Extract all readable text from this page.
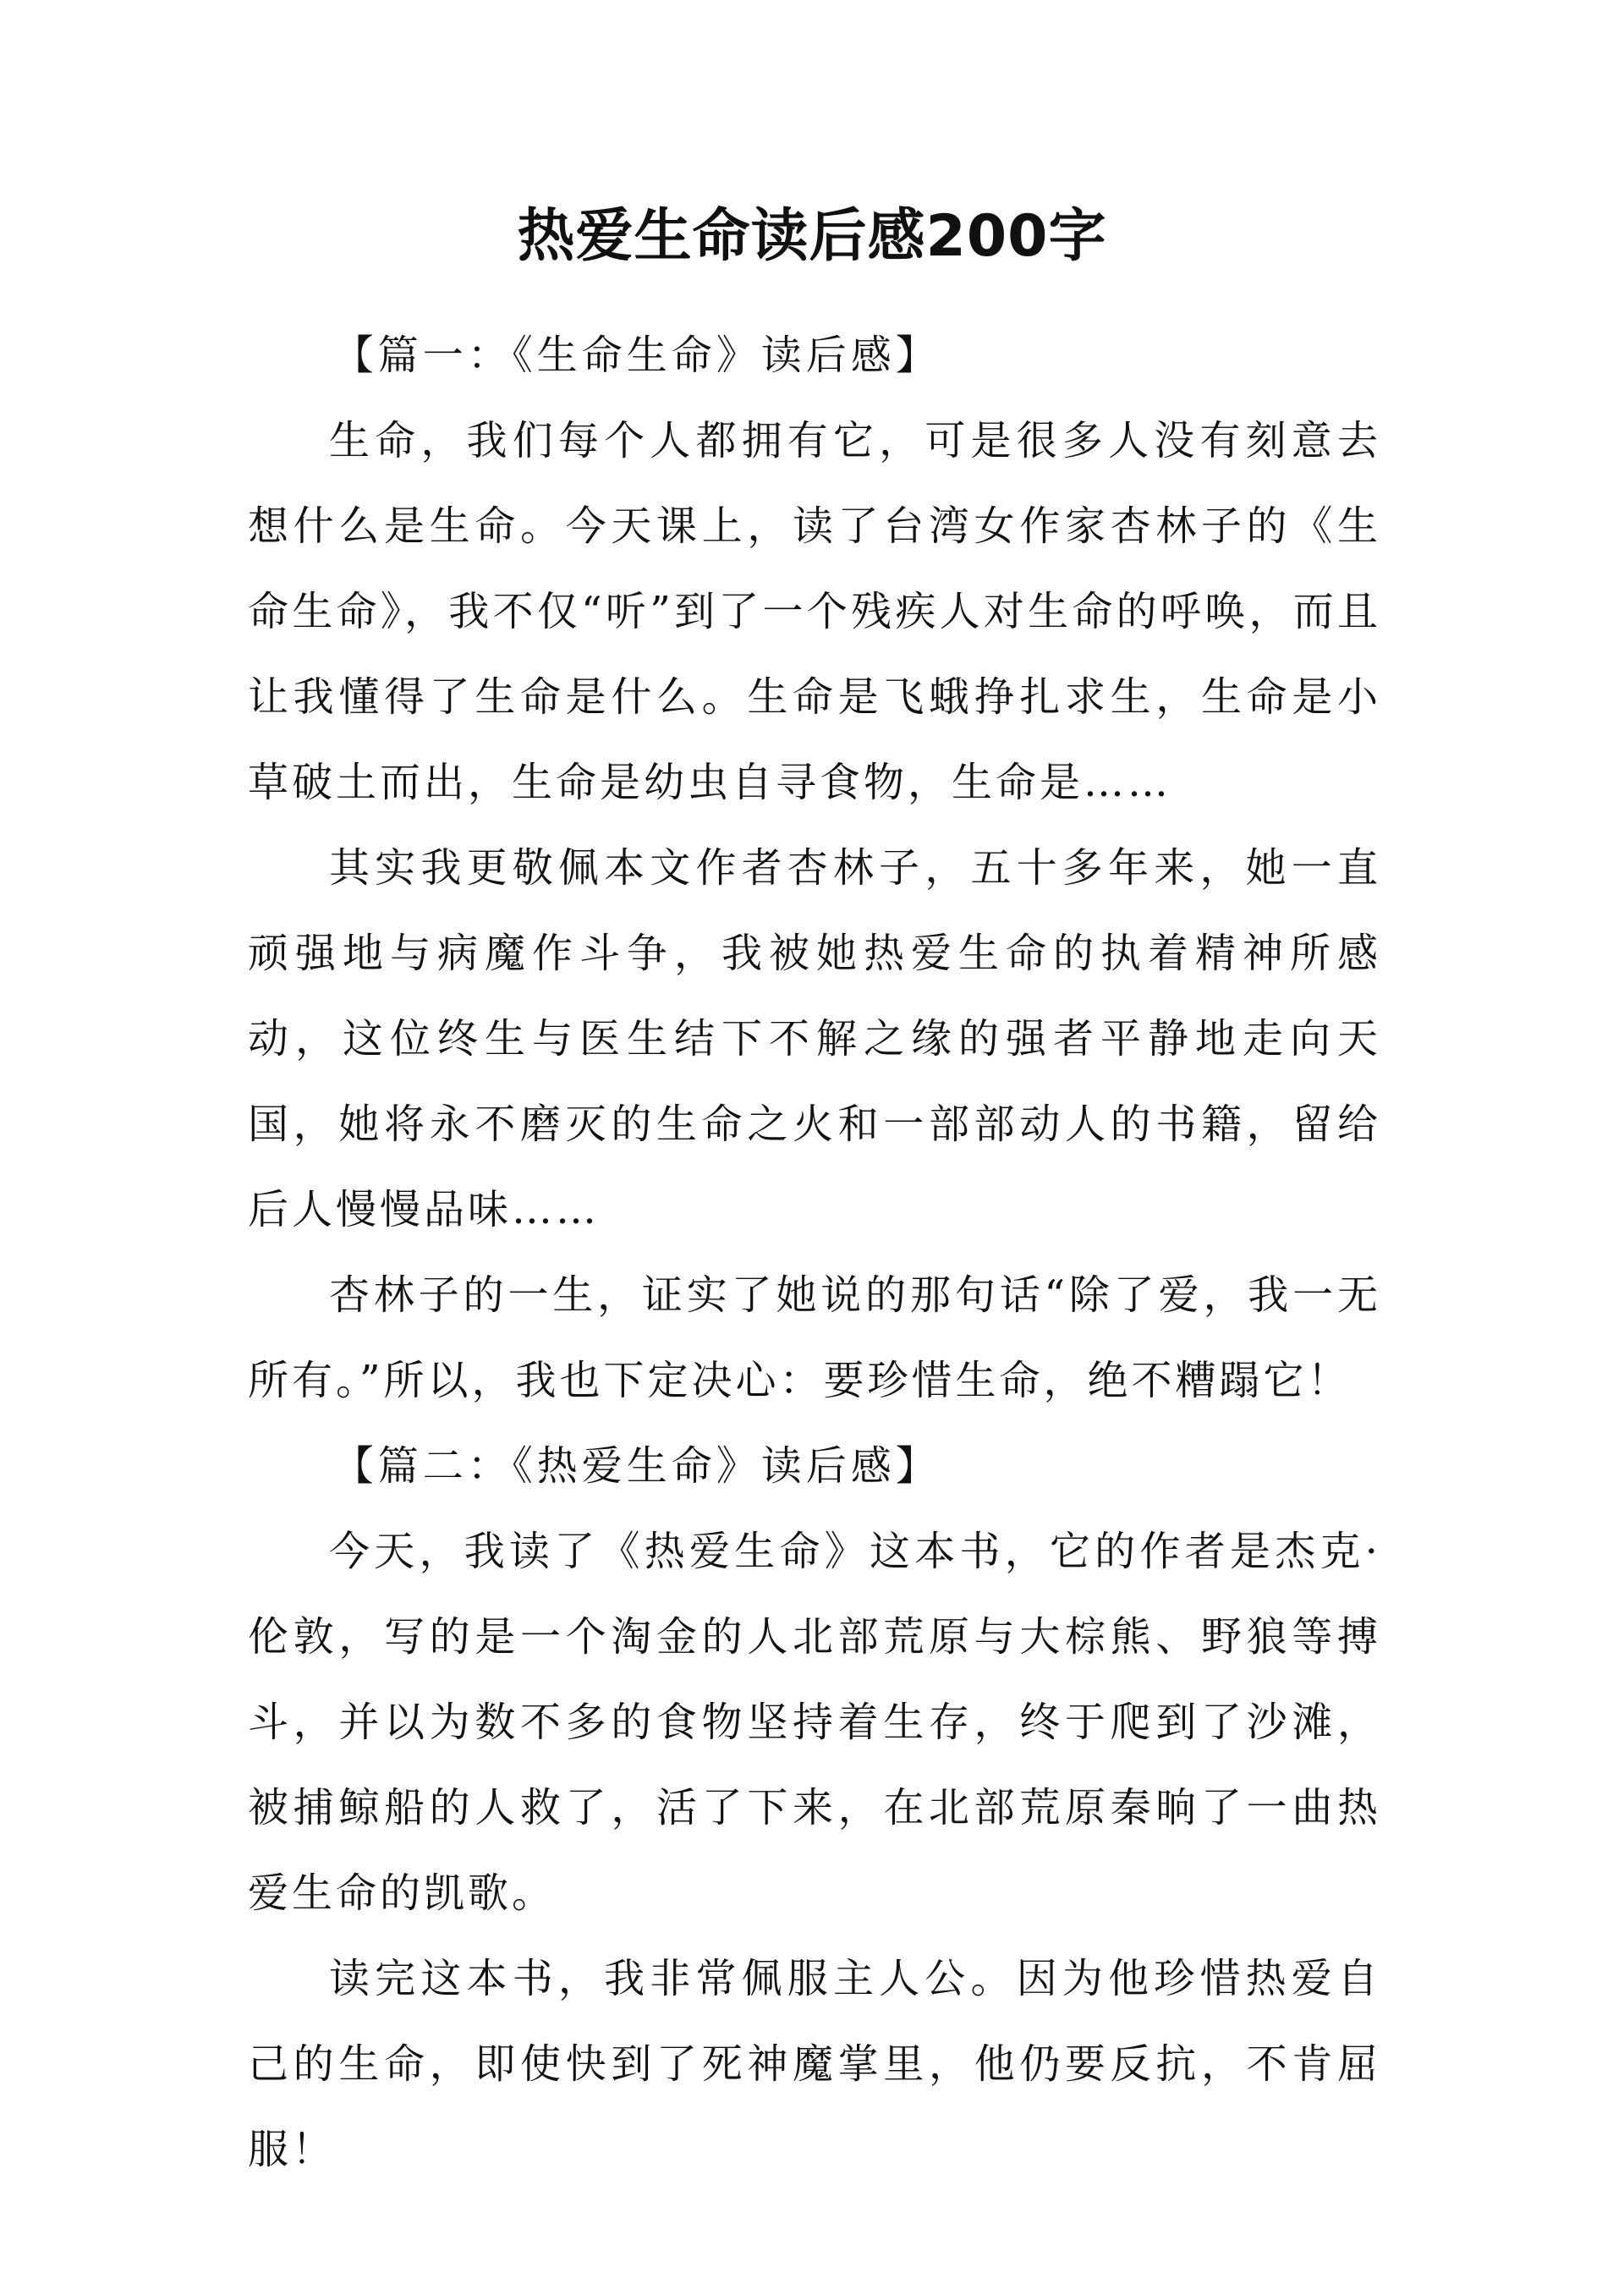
热爱生命读后感200字

【篇一：《生命生命》读后感】

生命，我们每个人都拥有它，可是很多人没有刻意去想什么是生命。今天课上，读了台湾女作家杏林子的《生命生命》，我不仅“听”到了一个残疾人对生命的呼唤，而且让我懂得了生命是什么。生命是飞蛾挣扎求生，生命是小草破土而出，生命是幼虫自寻食物，生命是……

其实我更敬佩本文作者杏林子，五十多年来，她一直顽强地与病魔作斗争，我被她热爱生命的执着精神所感动，这位终生与医生结下不解之缘的强者平静地走向天国，她将永不磨灭的生命之火和一部部动人的书籍，留给后人慢慢品味……

杏林子的一生，证实了她说的那句话“除了爱，我一无所有。”所以，我也下定决心：要珍惜生命，绝不糟蹋它！

【篇二：《热爱生命》读后感】

今天，我读了《热爱生命》这本书，它的作者是杰克·伦敦，写的是一个淘金的人北部荒原与大棕熊、野狼等搏斗，并以为数不多的食物坚持着生存，终于爬到了沙滩，被捕鲸船的人救了，活了下来，在北部荒原秦晌了一曲热爱生命的凯歌。

读完这本书，我非常佩服主人公。因为他珍惜热爱自己的生命，即使快到了死神魔掌里，他仍要反抗，不肯屈服！
